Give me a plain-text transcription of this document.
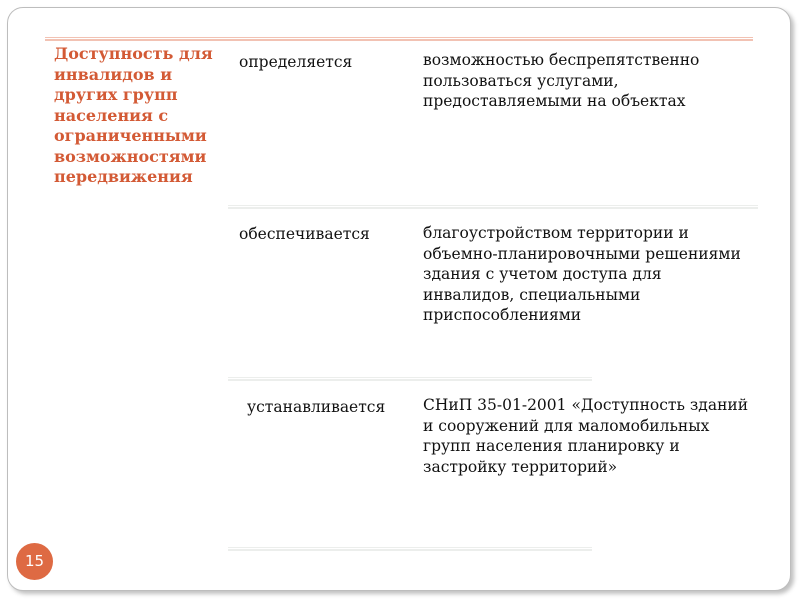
Доступность для инвалидов и других групп населения с ограниченными возможностями передвижения
определяется	возможностью беспрепятственно пользоваться услугами, предоставляемыми на объектах
обеспечивается	благоустройством территории и объемно-планировочными решениями здания с учетом доступа для инвалидов, специальными приспособлениями
устанавливается СНиП 35-01-2001 «Доступность зданий и сооружений для маломобильных групп населения планировку и застройку территорий»
15
